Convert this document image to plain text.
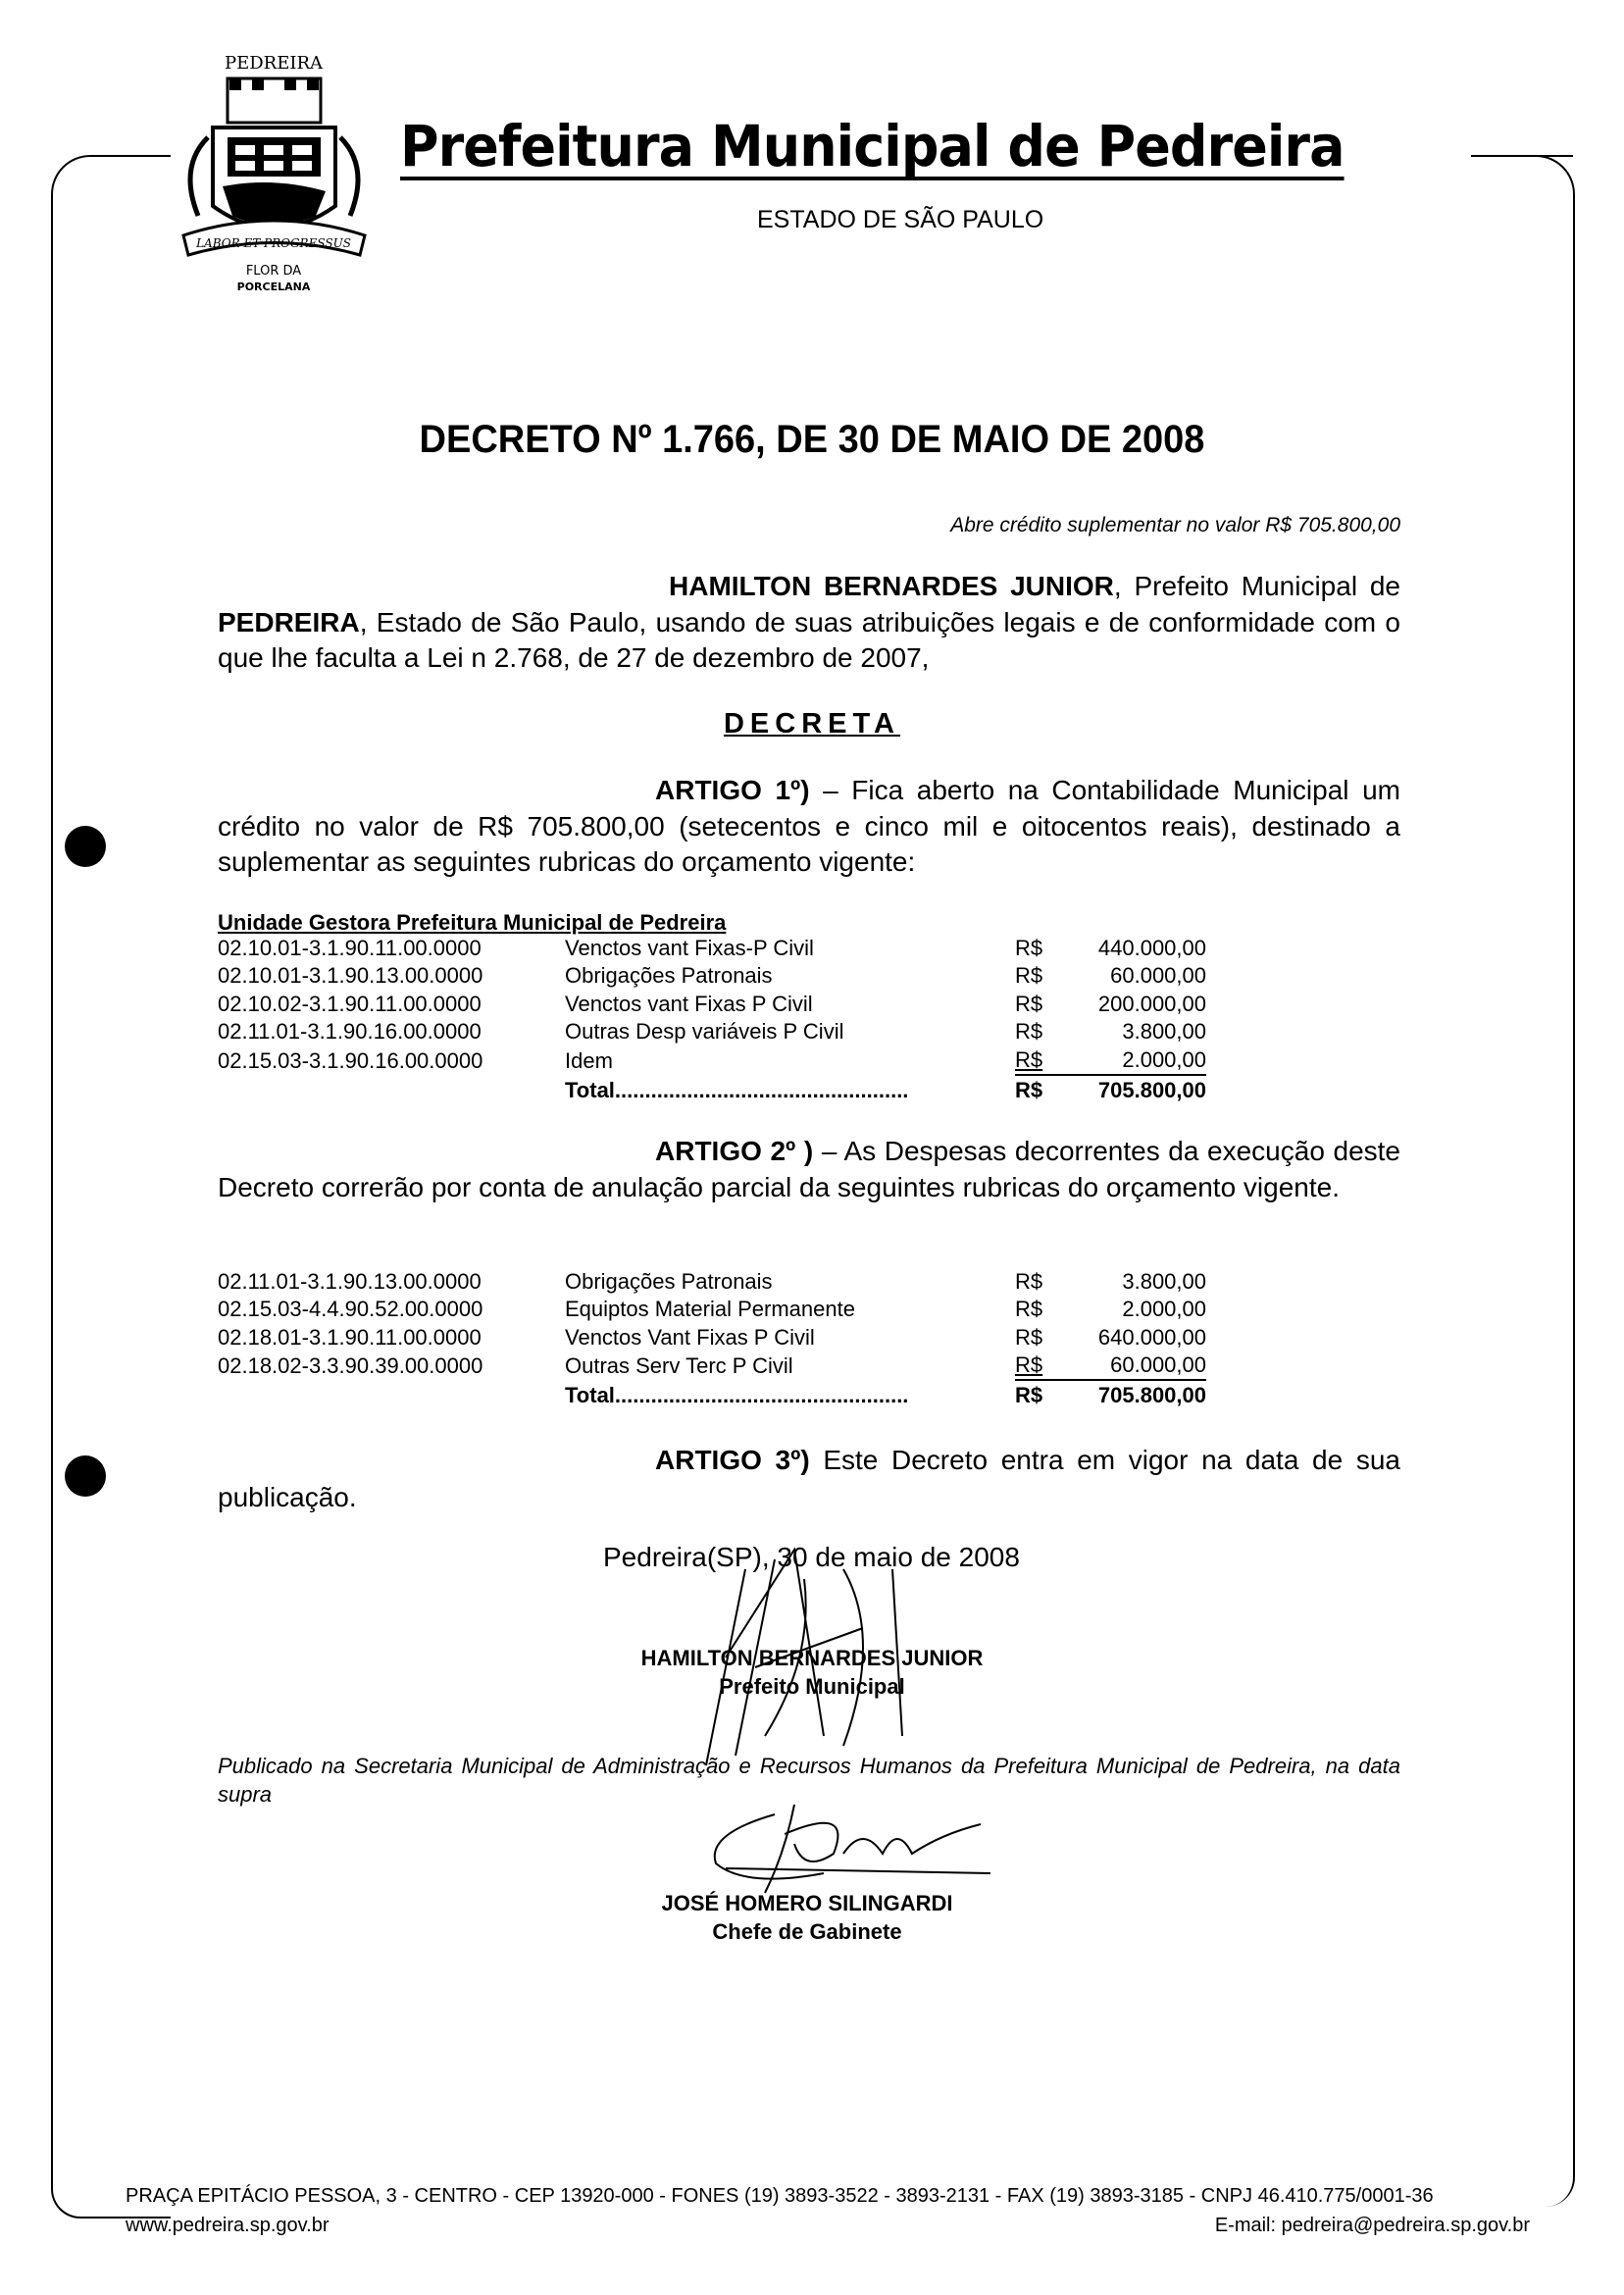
PEDREIRA
LABOR ET PROGRESSUS
FLOR DA
PORCELANA
Prefeitura Municipal de Pedreira
ESTADO DE SÃO PAULO
DECRETO Nº 1.766, DE 30 DE MAIO DE 2008
Abre crédito suplementar no valor R$ 705.800,00
HAMILTON BERNARDES JUNIOR, Prefeito Municipal de PEDREIRA, Estado de São Paulo, usando de suas atribuições legais e de conformidade com o que lhe faculta a Lei n 2.768, de 27 de dezembro de 2007,
DECRETA
ARTIGO 1º) – Fica aberto na Contabilidade Municipal um crédito no valor de R$ 705.800,00 (setecentos e cinco mil e oitocentos reais), destinado a suplementar as seguintes rubricas do orçamento vigente:
Unidade Gestora Prefeitura Municipal de Pedreira
02.10.01-3.1.90.11.00.0000	Venctos vant Fixas-P Civil	R$	440.000,00
02.10.01-3.1.90.13.00.0000	Obrigações Patronais	R$	60.000,00
02.10.02-3.1.90.11.00.0000	Venctos vant Fixas P Civil	R$	200.000,00
02.11.01-3.1.90.16.00.0000	Outras Desp variáveis P Civil	R$	3.800,00
02.15.03-3.1.90.16.00.0000	Idem	R$	2.000,00
	Total.................................................	R$	705.800,00
ARTIGO 2º ) – As Despesas decorrentes da execução deste Decreto correrão por conta de anulação parcial da seguintes rubricas do orçamento vigente.
02.11.01-3.1.90.13.00.0000	Obrigações Patronais	R$	3.800,00
02.15.03-4.4.90.52.00.0000	Equiptos Material Permanente	R$	2.000,00
02.18.01-3.1.90.11.00.0000	Venctos Vant Fixas P Civil	R$	640.000,00
02.18.02-3.3.90.39.00.0000	Outras Serv Terc P Civil	R$	60.000,00
	Total.................................................	R$	705.800,00
ARTIGO 3º) Este Decreto entra em vigor na data de sua publicação.
Pedreira(SP), 30 de maio de 2008
HAMILTON BERNARDES JUNIOR
Prefeito Municipal
Publicado na Secretaria Municipal de Administração e Recursos Humanos da Prefeitura Municipal de Pedreira, na data supra
JOSÉ HOMERO SILINGARDI
Chefe de Gabinete
PRAÇA EPITÁCIO PESSOA, 3 - CENTRO - CEP 13920-000 - FONES (19) 3893-3522 - 3893-2131 - FAX (19) 3893-3185 - CNPJ 46.410.775/0001-36
www.pedreira.sp.gov.br	E-mail: pedreira@pedreira.sp.gov.br
